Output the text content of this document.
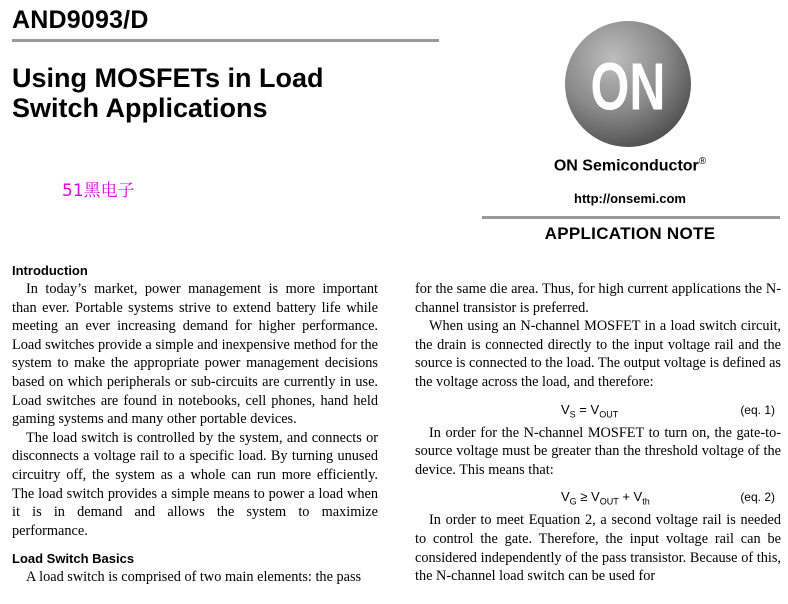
AND9093/D
Using MOSFETs in Load
Switch Applications
51黑电子
ON
ON Semiconductor®
http://onsemi.com
APPLICATION NOTE
Introduction

In today’s market, power management is more important than ever. Portable systems strive to extend battery life while meeting an ever increasing demand for higher performance. Load switches provide a simple and inexpensive method for the system to make the appropriate power management decisions based on which peripherals or sub-circuits are currently in use. Load switches are found in notebooks, cell phones, hand held gaming systems and many other portable devices.

The load switch is controlled by the system, and connects or disconnects a voltage rail to a specific load. By turning unused circuitry off, the system as a whole can run more efficiently. The load switch provides a simple means to power a load when it is in demand and allows the system to maximize performance.

Load Switch Basics

A load switch is comprised of two main elements: the pass

for the same die area. Thus, for high current applications the N-channel transistor is preferred.

When using an N-channel MOSFET in a load switch circuit, the drain is connected directly to the input voltage rail and the source is connected to the load. The output voltage is defined as the voltage across the load, and therefore:

$V_S = V_{OUT}$	(eq. 1)

In order for the N-channel MOSFET to turn on, the gate-to-source voltage must be greater than the threshold voltage of the device. This means that:

$V_G \ge V_{OUT} + V_{th}$	(eq. 2)

In order to meet Equation 2, a second voltage rail is needed to control the gate. Therefore, the input voltage rail can be considered independently of the pass transistor. Because of this, the N-channel load switch can be used for
